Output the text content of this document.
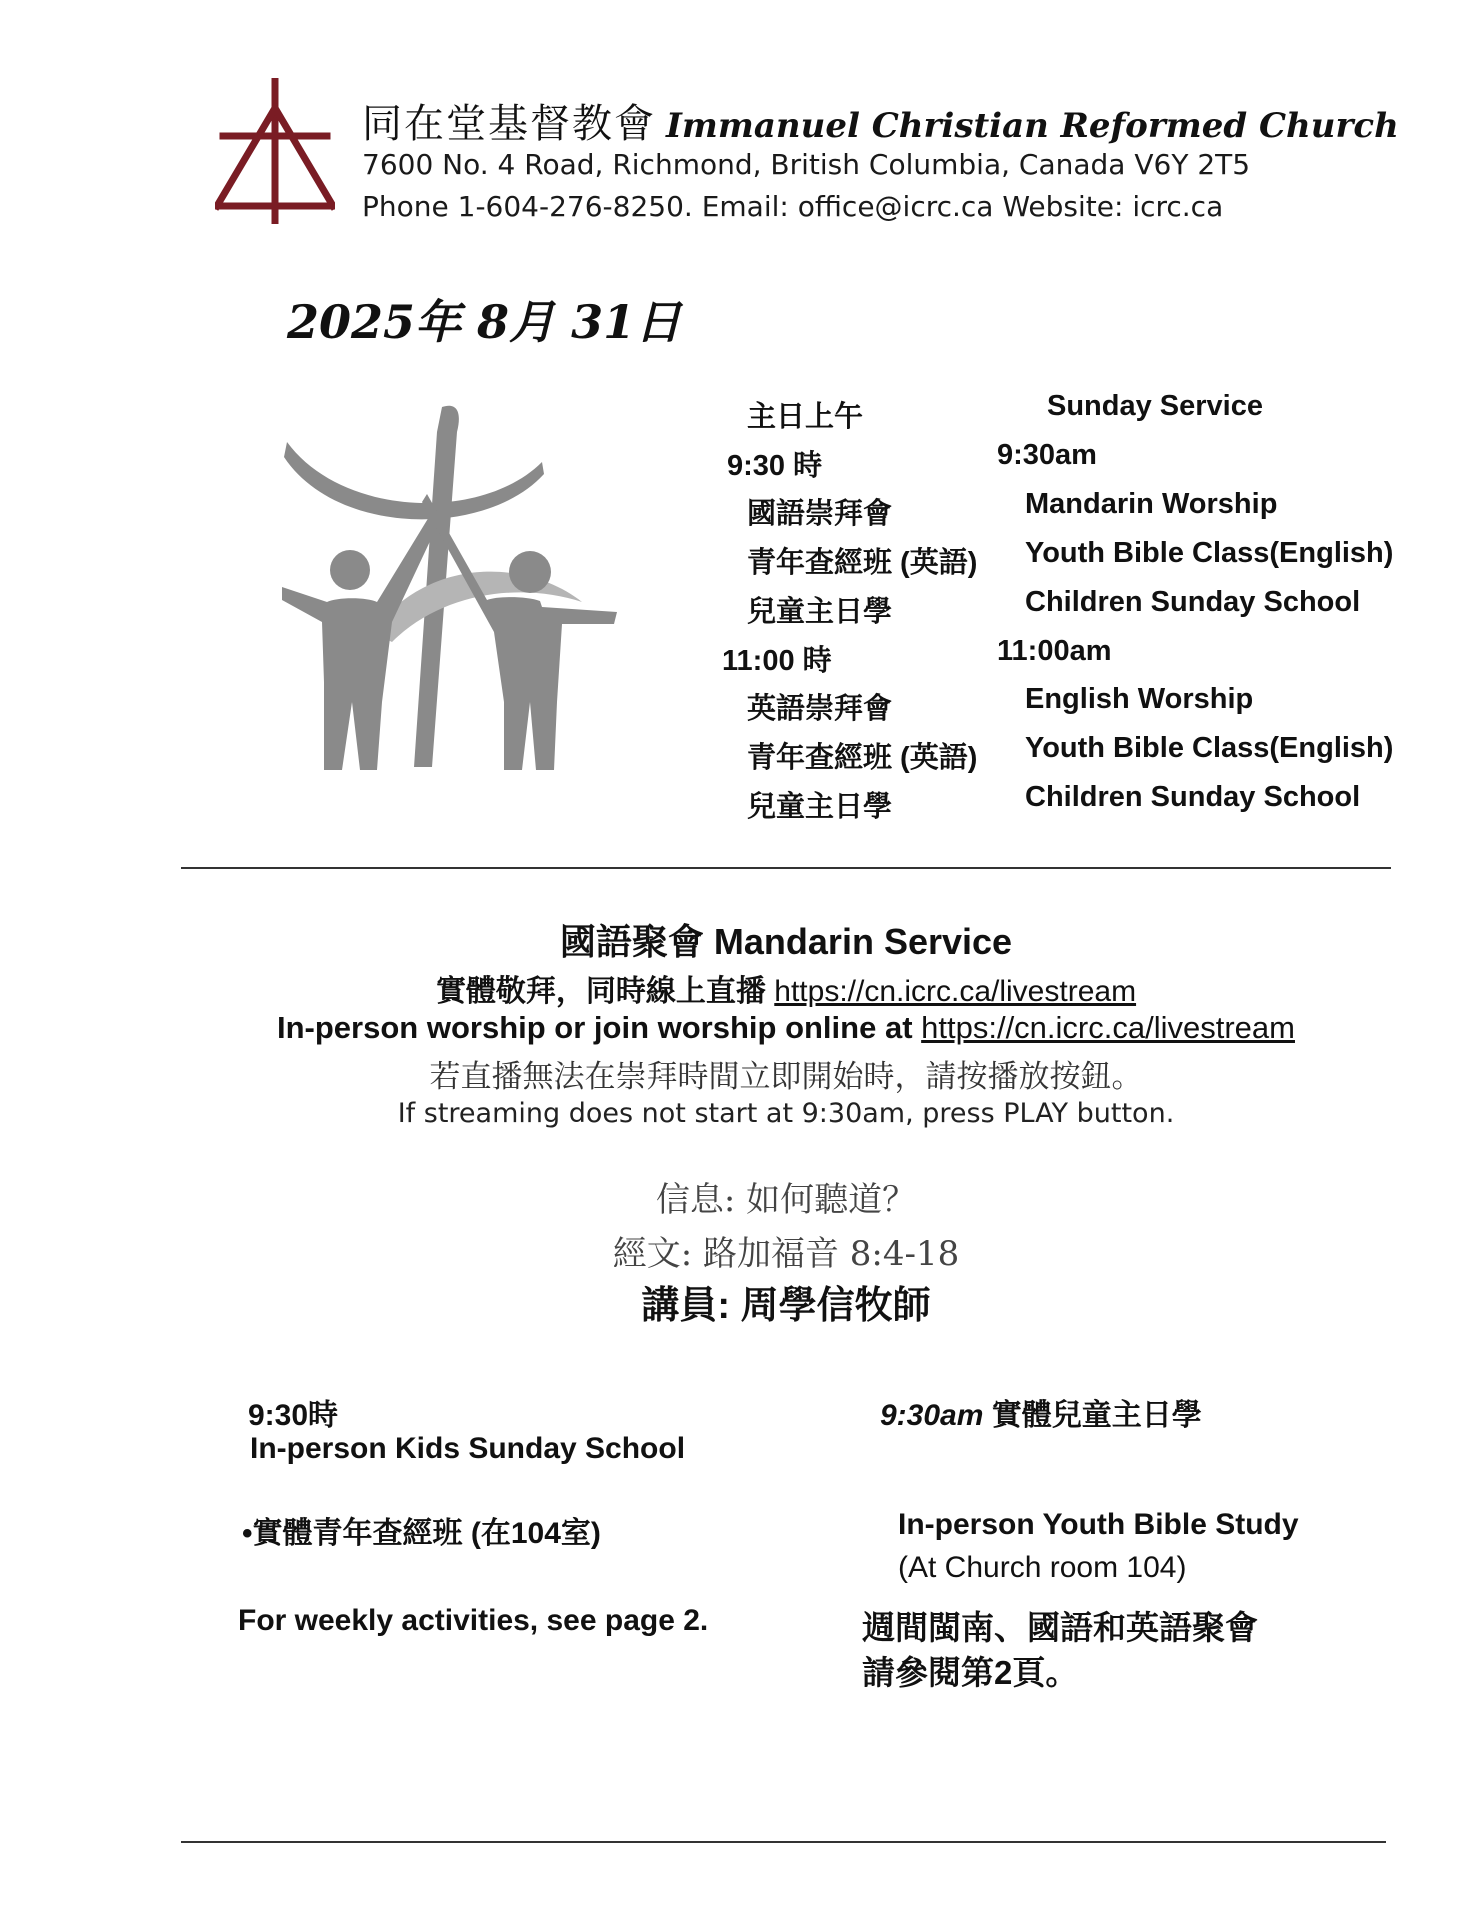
同在堂基督教會 Immanuel Christian Reformed Church
7600 No. 4 Road, Richmond, British Columbia, Canada V6Y 2T5
Phone 1-604-276-8250. Email: office@icrc.ca Website: icrc.ca
2025年 8月 31日
主日上午	Sunday Service
9:30 時	9:30am
國語崇拜會	Mandarin Worship
青年查經班 (英語) Youth Bible Class(English)
兒童主日學	Children Sunday School
11:00 時	11:00am
英語崇拜會	English Worship
青年查經班 (英語) Youth Bible Class(English)
兒童主日學	Children Sunday School
國語聚會 Mandarin Service
實體敬拜，同時線上直播 https://cn.icrc.ca/livestream
In-person worship or join worship online at https://cn.icrc.ca/livestream
若直播無法在崇拜時間立即開始時，請按播放按鈕。
If streaming does not start at 9:30am, press PLAY button.
信息: 如何聽道？
經文: 路加福音 8:4-18
講員: 周學信牧師
9:30時
In-person Kids Sunday School
9:30am 實體兒童主日學
•實體青年查經班 (在104室)	In-person Youth Bible Study
(At Church room 104)
For weekly activities, see page 2.	週間閩南、國語和英語聚會
請參閱第2頁。
